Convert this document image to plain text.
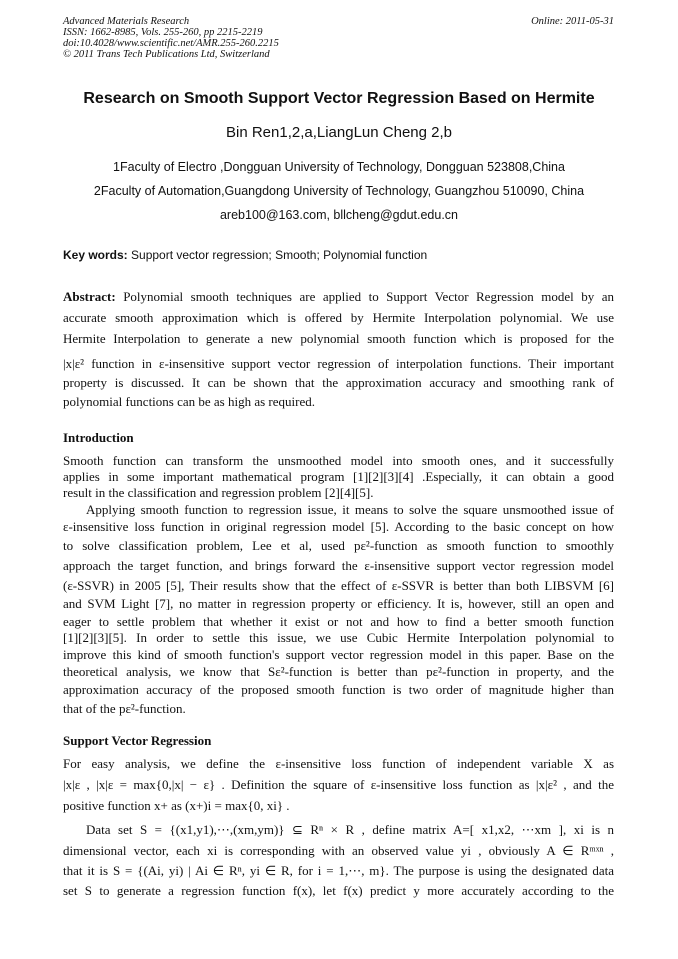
Advanced Materials Research
ISSN: 1662-8985, Vols. 255-260, pp 2215-2219
doi:10.4028/www.scientific.net/AMR.255-260.2215
© 2011 Trans Tech Publications Ltd, Switzerland
Online: 2011-05-31
Research on Smooth Support Vector Regression Based on Hermite
Bin Ren1,2,a,LiangLun Cheng 2,b
1Faculty of Electro ,Dongguan University of Technology, Dongguan 523808,China
2Faculty of Automation,Guangdong University of Technology, Guangzhou 510090, China
areb100@163.com, bllcheng@gdut.edu.cn
Key words: Support vector regression; Smooth; Polynomial function
Abstract: Polynomial smooth techniques are applied to Support Vector Regression model by an
accurate smooth approximation which is offered by Hermite Interpolation polynomial. We use
Hermite Interpolation to generate a new polynomial smooth function which is proposed for the
|x|ε² function in ε-insensitive support vector regression of interpolation functions. Their important
property is discussed. It can be shown that the approximation accuracy and smoothing rank of
polynomial functions can be as high as required.
Introduction
Smooth function can transform the unsmoothed model into smooth ones, and it successfully
applies in some important mathematical program [1][2][3][4] .Especially, it can obtain a good
result in the classification and regression problem [2][4][5].
Applying smooth function to regression issue, it means to solve the square unsmoothed issue of
ε-insensitive loss function in original regression model [5]. According to the basic concept on how
to solve classification problem, Lee et al, used pε²-function as smooth function to smoothly
approach the target function, and brings forward the ε-insensitive support vector regression model
(ε-SSVR) in 2005 [5], Their results show that the effect of ε-SSVR is better than both LIBSVM [6]
and SVM Light [7], no matter in regression property or efficiency. It is, however, still an open and
eager to settle problem that whether it exist or not and how to find a better smooth function
[1][2][3][5]. In order to settle this issue, we use Cubic Hermite Interpolation polynomial to
improve this kind of smooth function's support vector regression model in this paper. Base on the
theoretical analysis, we know that Sε²-function is better than pε²-function in property, and the
approximation accuracy of the proposed smooth function is two order of magnitude higher than
that of the pε²-function.
Support Vector Regression
For easy analysis, we define the ε-insensitive loss function of independent variable X as
|x|ε , |x|ε = max{0,|x| − ε} . Definition the square of ε-insensitive loss function as |x|ε² , and the
positive function x+ as (x+)i = max{0, xi} .
Data set S = {(x1,y1),⋯,(xm,ym)} ⊆ Rⁿ × R , define matrix A=[ x1,x2, ⋯xm ], xi is n
dimensional vector, each xi is corresponding with an observed value yi , obviously A ∈ Rᵐˣⁿ ,
that it is S = {(Ai, yi) | Ai ∈ Rⁿ, yi ∈ R, for i = 1,⋯, m}. The purpose is using the designated data
set S to generate a regression function f(x), let f(x) predict y more accurately according to the
